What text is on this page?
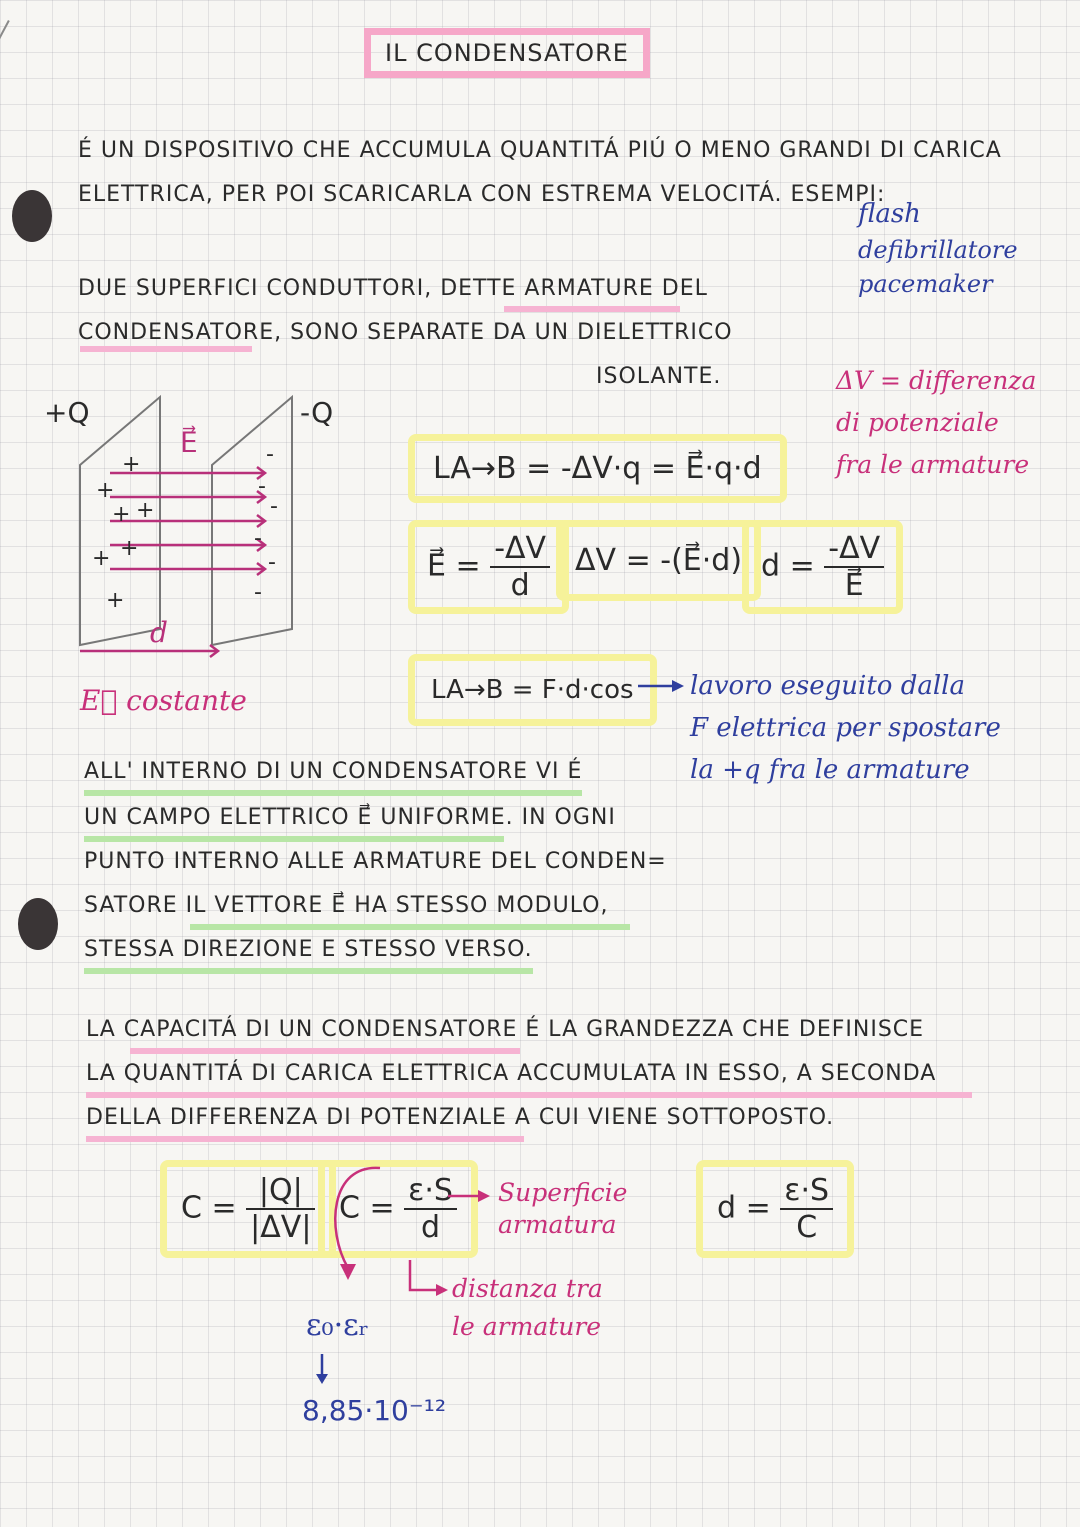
IL CONDENSATORE
É UN DISPOSITIVO CHE ACCUMULA QUANTITÁ PIÚ O MENO GRANDI DI CARICA
ELETTRICA, PER POI SCARICARLA CON ESTREMA VELOCITÁ. ESEMPI:
flash
defibrillatore
pacemaker
DUE SUPERFICI CONDUTTORI, DETTE ARMATURE DEL
CONDENSATORE, SONO SEPARATE DA UN DIELETTRICO
ISOLANTE.	ΔV = differenza
di potenziale
fra le armature
+
+
+ +
+ +
+
-
-
-
-
-
-
+Q	-Q
E⃗
d
E⃗ costante
LA→B = -ΔV·q = E⃗·q·d
E⃗ = $\frac{-\Delta V}{d}$ ΔV = -(E⃗·d) $d = \frac{-\Delta V}{E⃗}$
LA→B = F·d·cos	lavoro eseguito dalla
F elettrica per spostare
la +q fra le armature
ALL' INTERNO DI UN CONDENSATORE VI É
UN CAMPO ELETTRICO E⃗ UNIFORME. IN OGNI
PUNTO INTERNO ALLE ARMATURE DEL CONDEN=
SATORE IL VETTORE E⃗ HA STESSO MODULO,
STESSA DIREZIONE E STESSO VERSO.
LA CAPACITÁ DI UN CONDENSATORE É LA GRANDEZZA CHE DEFINISCE
LA QUANTITÁ DI CARICA ELETTRICA ACCUMULATA IN ESSO, A SECONDA
DELLA DIFFERENZA DI POTENZIALE A CUI VIENE SOTTOPOSTO.
$C = \frac{|Q|}{|\Delta V|}$ $C = \frac{\varepsilon\cdot S}{d}$	$d = \frac{\varepsilon\cdot S}{C}$
Superficie
armatura
distanza tra
le armature
ε₀·εᵣ
8,85·10⁻¹²
